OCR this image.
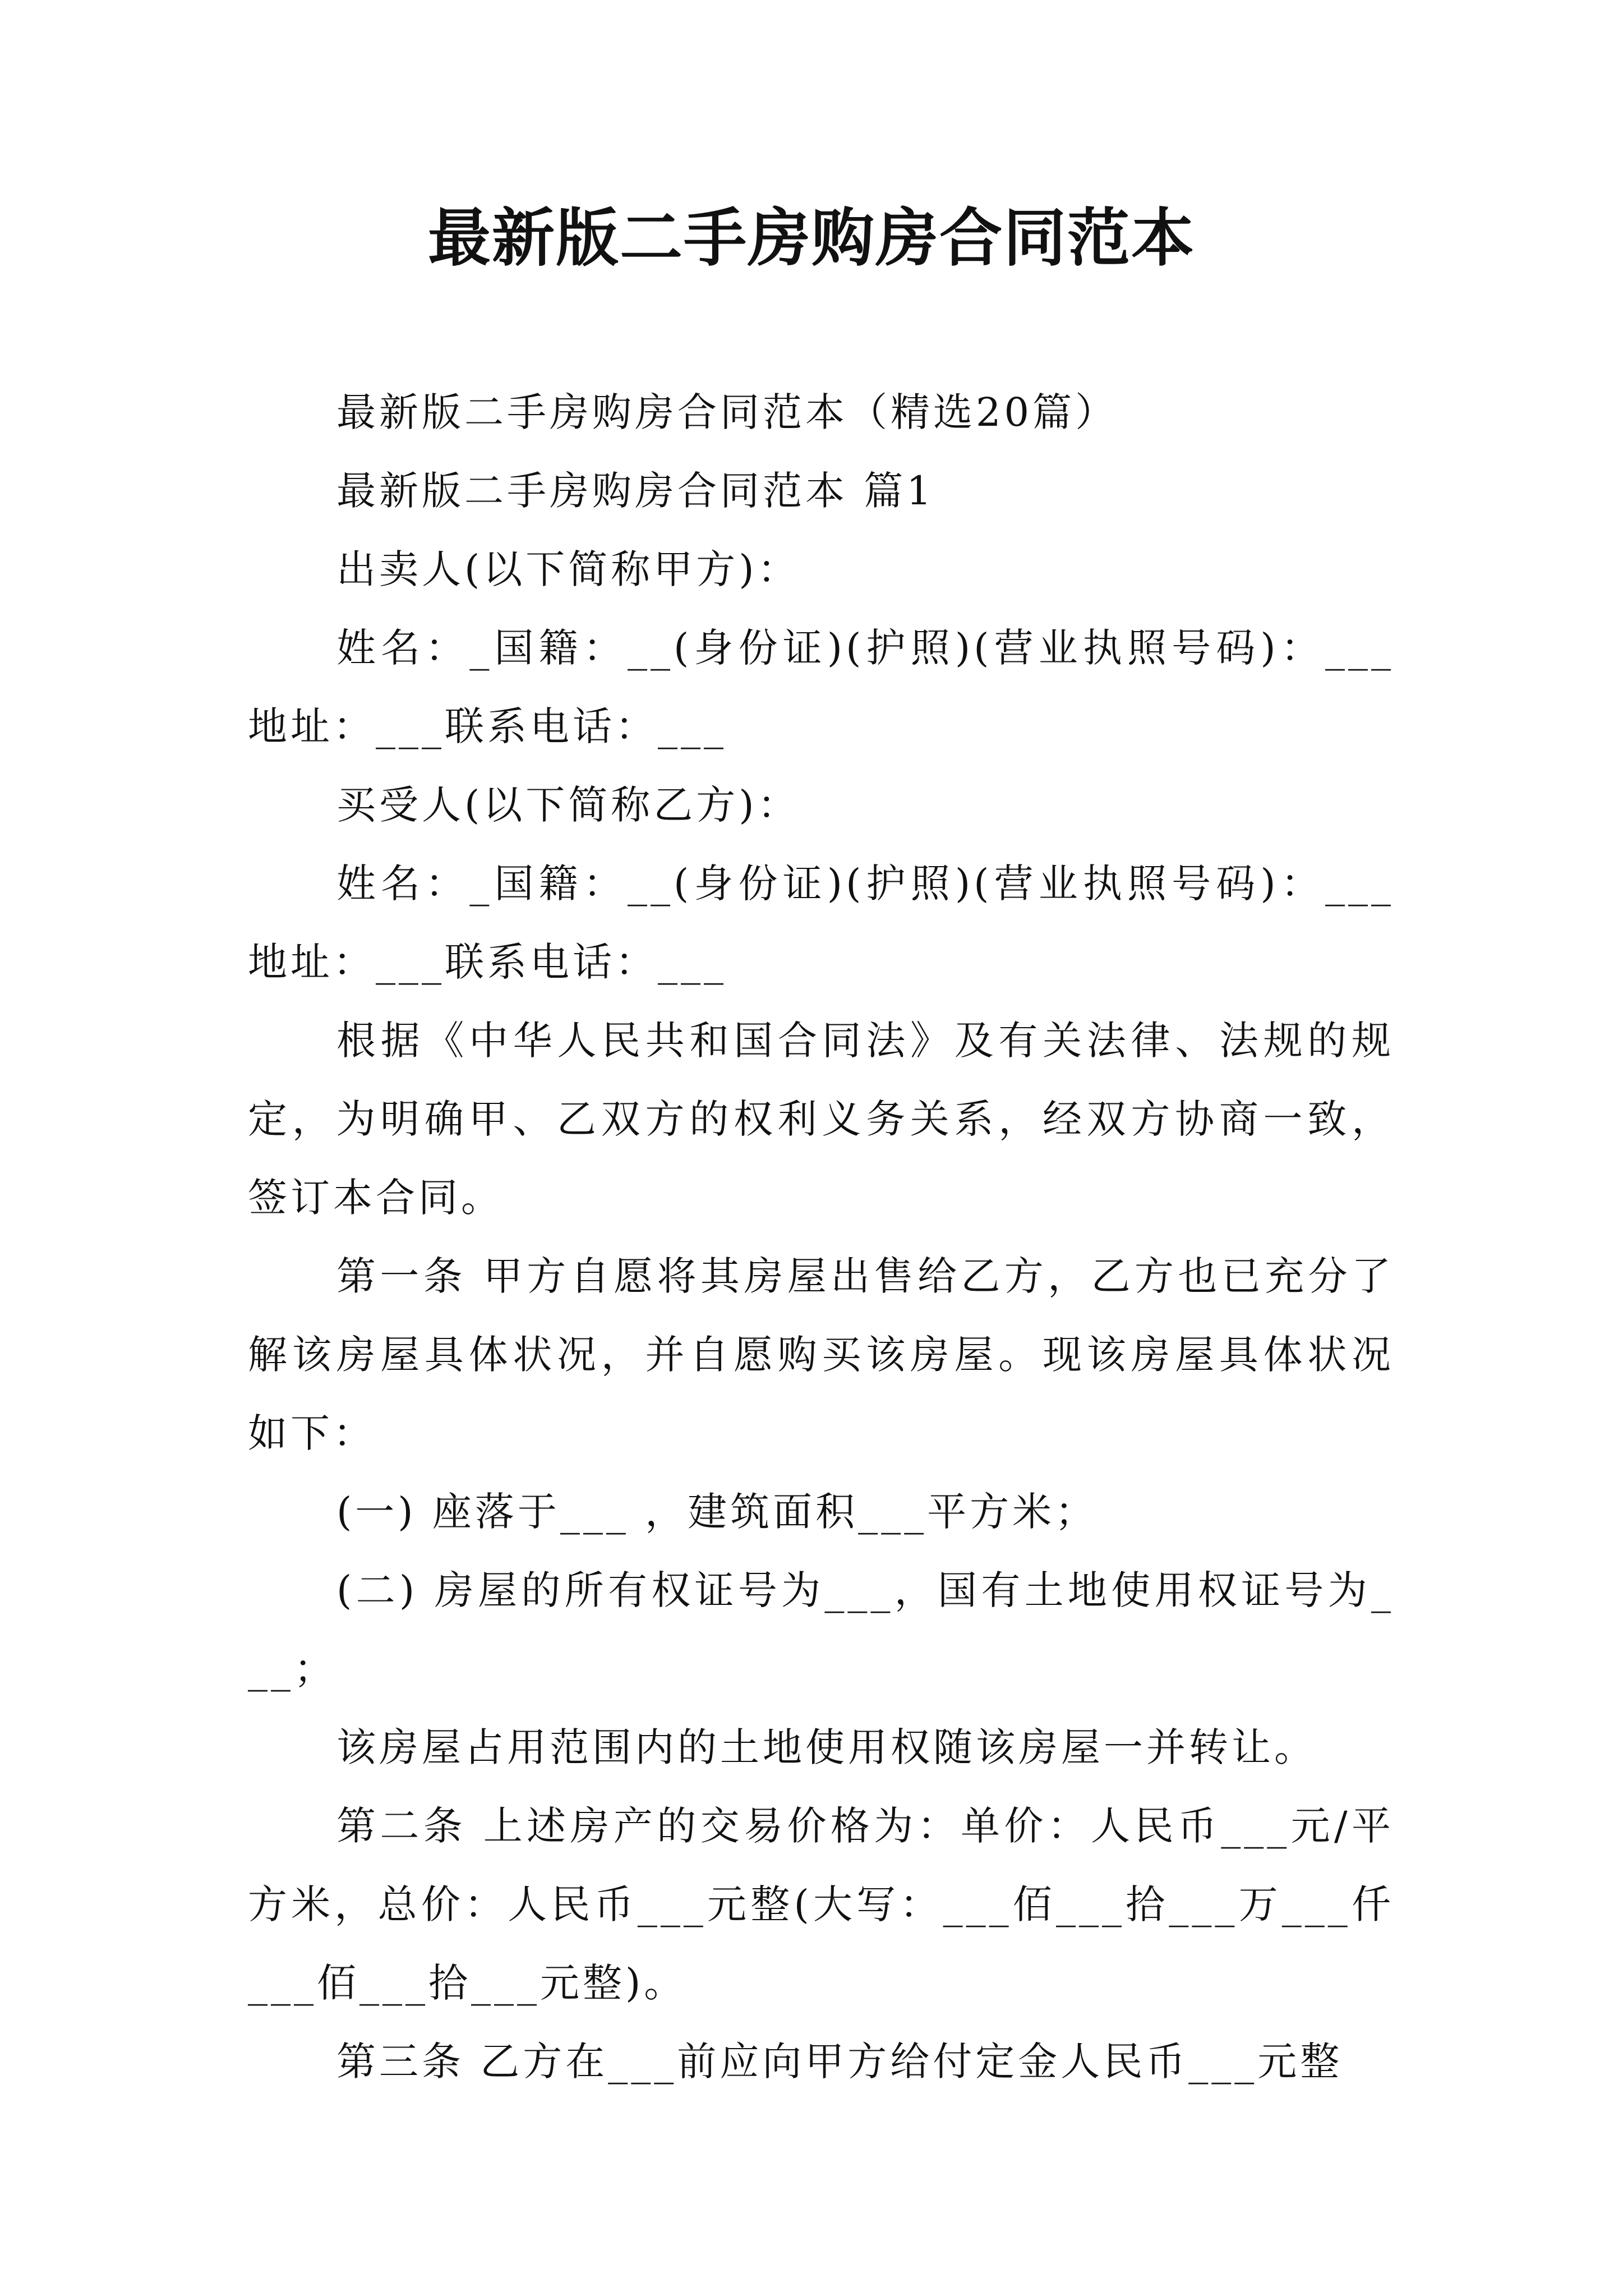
最新版二手房购房合同范本

最新版二手房购房合同范本（精选20篇）

最新版二手房购房合同范本 篇1

出卖人(以下简称甲方)：

姓名：_国籍：__(身份证)(护照)(营业执照号码)：___地址：___联系电话：___

买受人(以下简称乙方)：

姓名：_国籍：__(身份证)(护照)(营业执照号码)：___地址：___联系电话：___

根据《中华人民共和国合同法》及有关法律、法规的规定，为明确甲、乙双方的权利义务关系，经双方协商一致，签订本合同。

第一条 甲方自愿将其房屋出售给乙方，乙方也已充分了解该房屋具体状况，并自愿购买该房屋。现该房屋具体状况如下：

(一) 座落于___ ，建筑面积___平方米；

(二) 房屋的所有权证号为___，国有土地使用权证号为___；

该房屋占用范围内的土地使用权随该房屋一并转让。

第二条 上述房产的交易价格为：单价：人民币___元/平方米，总价：人民币___元整(大写：___佰___拾___万___仟___佰___拾___元整)。

第三条 乙方在___前应向甲方给付定金人民币___元整
